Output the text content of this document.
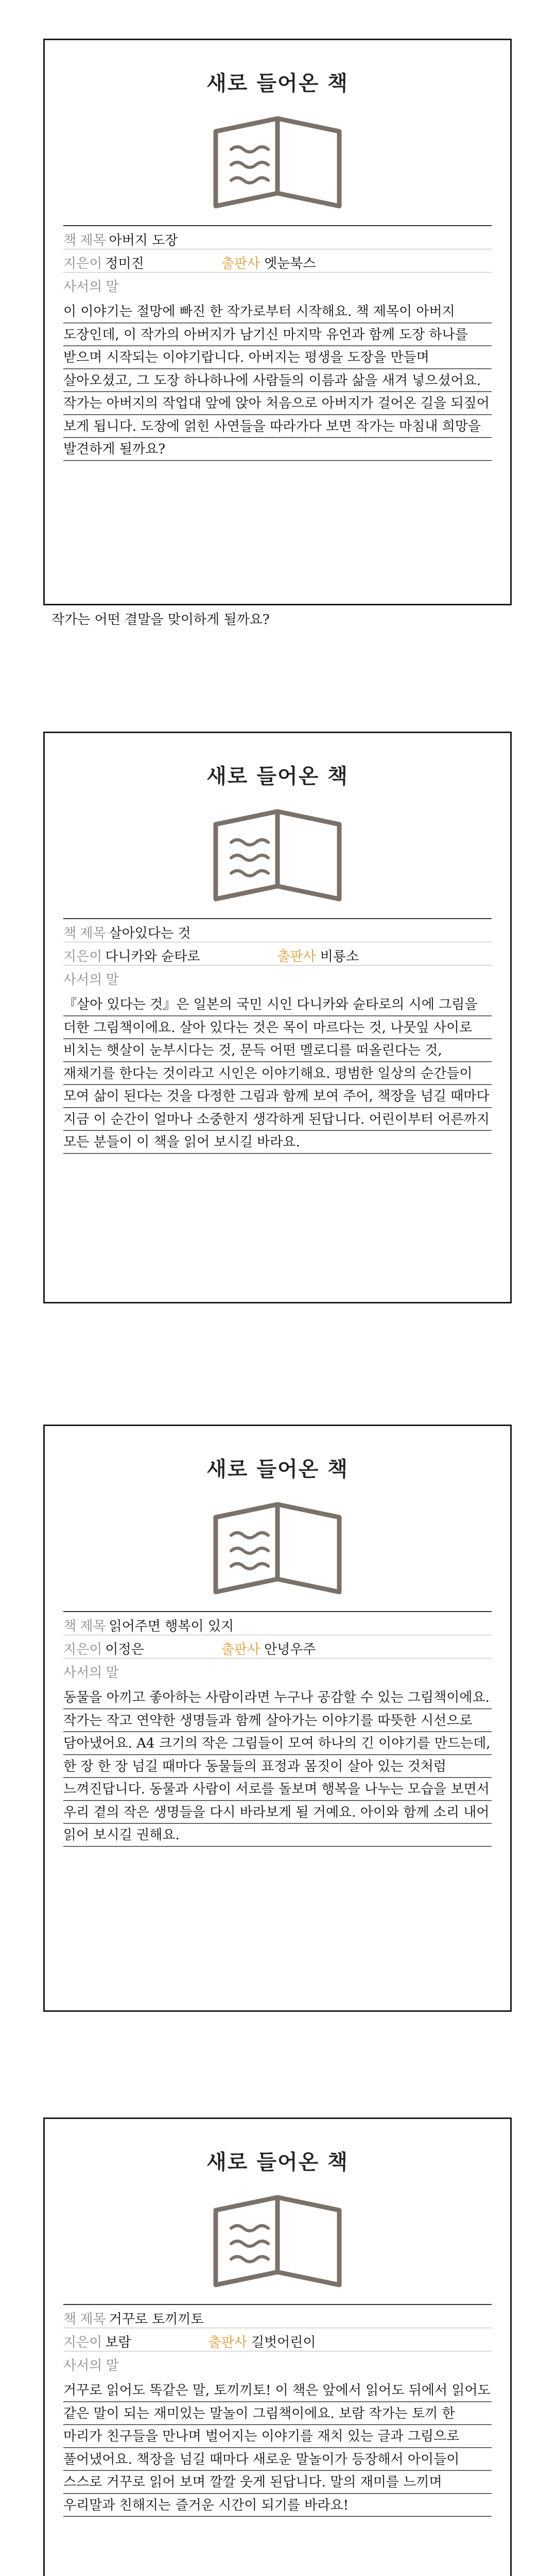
새로 들어온 책
책 제목 아버지 도장
지은이 정미진	출판사 엣눈북스
사서의 말
이 이야기는 절망에 빠진 한 작가로부터 시작해요. 책 제목이 아버지 도장인데, 이 작가의 아버지가 남기신 마지막 유언과 함께 도장 하나를 받으며 시작되는 이야기랍니다. 아버지는 평생을 도장을 만들며 살아오셨고, 그 도장 하나하나에 사람들의 이름과 삶을 새겨 넣으셨어요. 작가는 아버지의 작업대 앞에 앉아 처음으로 아버지가 걸어온 길을 되짚어 보게 됩니다. 도장에 얽힌 사연들을 따라가다 보면 작가는 마침내 희망을 발견하게 될까요?
작가는 어떤 결말을 맞이하게 될까요?
새로 들어온 책
책 제목 살아있다는 것
지은이 다니카와 슌타로	출판사 비룡소
사서의 말
『살아 있다는 것』은 일본의 국민 시인 다니카와 슌타로의 시에 그림을 더한 그림책이에요. 살아 있다는 것은 목이 마르다는 것, 나뭇잎 사이로 비치는 햇살이 눈부시다는 것, 문득 어떤 멜로디를 떠올린다는 것, 재채기를 한다는 것이라고 시인은 이야기해요. 평범한 일상의 순간들이 모여 삶이 된다는 것을 다정한 그림과 함께 보여 주어, 책장을 넘길 때마다 지금 이 순간이 얼마나 소중한지 생각하게 된답니다. 어린이부터 어른까지 모든 분들이 이 책을 읽어 보시길 바라요.
새로 들어온 책
책 제목 읽어주면 행복이 있지
지은이 이정은	출판사 안녕우주
사서의 말
동물을 아끼고 좋아하는 사람이라면 누구나 공감할 수 있는 그림책이에요. 작가는 작고 연약한 생명들과 함께 살아가는 이야기를 따뜻한 시선으로 담아냈어요. A4 크기의 작은 그림들이 모여 하나의 긴 이야기를 만드는데, 한 장 한 장 넘길 때마다 동물들의 표정과 몸짓이 살아 있는 것처럼 느껴진답니다. 동물과 사람이 서로를 돌보며 행복을 나누는 모습을 보면서 우리 곁의 작은 생명들을 다시 바라보게 될 거예요. 아이와 함께 소리 내어 읽어 보시길 권해요.
새로 들어온 책
책 제목 거꾸로 토끼끼토
지은이 보람	출판사 길벗어린이
사서의 말
거꾸로 읽어도 똑같은 말, 토끼끼토! 이 책은 앞에서 읽어도 뒤에서 읽어도 같은 말이 되는 재미있는 말놀이 그림책이에요. 보람 작가는 토끼 한 마리가 친구들을 만나며 벌어지는 이야기를 재치 있는 글과 그림으로 풀어냈어요. 책장을 넘길 때마다 새로운 말놀이가 등장해서 아이들이 스스로 거꾸로 읽어 보며 깔깔 웃게 된답니다. 말의 재미를 느끼며 우리말과 친해지는 즐거운 시간이 되기를 바라요!
